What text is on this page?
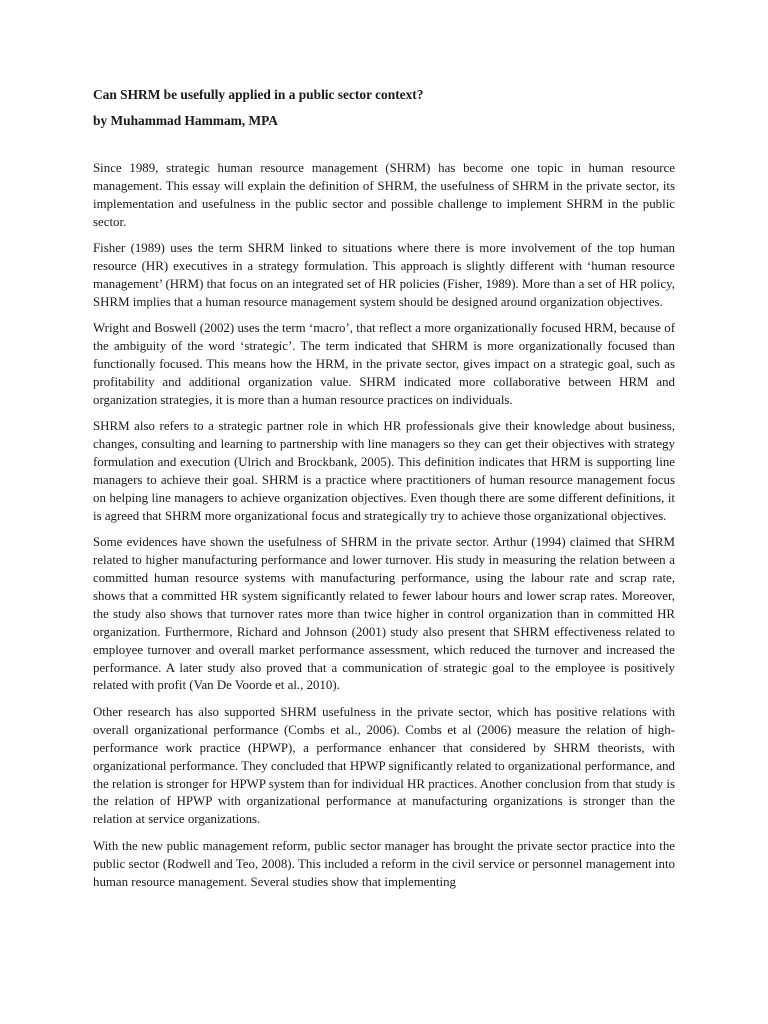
Can SHRM be usefully applied in a public sector context?
by Muhammad Hammam, MPA

Since 1989, strategic human resource management (SHRM) has become one topic in human resource management. This essay will explain the definition of SHRM, the usefulness of SHRM in the private sector, its implementation and usefulness in the public sector and possible challenge to implement SHRM in the public sector.

Fisher (1989) uses the term SHRM linked to situations where there is more involvement of the top human resource (HR) executives in a strategy formulation. This approach is slightly different with ‘human resource management’ (HRM) that focus on an integrated set of HR policies (Fisher, 1989). More than a set of HR policy, SHRM implies that a human resource management system should be designed around organization objectives.

Wright and Boswell (2002) uses the term ‘macro’, that reflect a more organizationally focused HRM, because of the ambiguity of the word ‘strategic’. The term indicated that SHRM is more organizationally focused than functionally focused. This means how the HRM, in the private sector, gives impact on a strategic goal, such as profitability and additional organization value. SHRM indicated more collaborative between HRM and organization strategies, it is more than a human resource practices on individuals.

SHRM also refers to a strategic partner role in which HR professionals give their knowledge about business, changes, consulting and learning to partnership with line managers so they can get their objectives with strategy formulation and execution (Ulrich and Brockbank, 2005). This definition indicates that HRM is supporting line managers to achieve their goal. SHRM is a practice where practitioners of human resource management focus on helping line managers to achieve organization objectives. Even though there are some different definitions, it is agreed that SHRM more organizational focus and strategically try to achieve those organizational objectives.

Some evidences have shown the usefulness of SHRM in the private sector. Arthur (1994) claimed that SHRM related to higher manufacturing performance and lower turnover. His study in measuring the relation between a committed human resource systems with manufacturing performance, using the labour rate and scrap rate, shows that a committed HR system significantly related to fewer labour hours and lower scrap rates. Moreover, the study also shows that turnover rates more than twice higher in control organization than in committed HR organization. Furthermore, Richard and Johnson (2001) study also present that SHRM effectiveness related to employee turnover and overall market performance assessment, which reduced the turnover and increased the performance. A later study also proved that a communication of strategic goal to the employee is positively related with profit (Van De Voorde et al., 2010).

Other research has also supported SHRM usefulness in the private sector, which has positive relations with overall organizational performance (Combs et al., 2006). Combs et al (2006) measure the relation of high-performance work practice (HPWP), a performance enhancer that considered by SHRM theorists, with organizational performance. They concluded that HPWP significantly related to organizational performance, and the relation is stronger for HPWP system than for individual HR practices. Another conclusion from that study is the relation of HPWP with organizational performance at manufacturing organizations is stronger than the relation at service organizations.

With the new public management reform, public sector manager has brought the private sector practice into the public sector (Rodwell and Teo, 2008). This included a reform in the civil service or personnel management into human resource management. Several studies show that implementing
